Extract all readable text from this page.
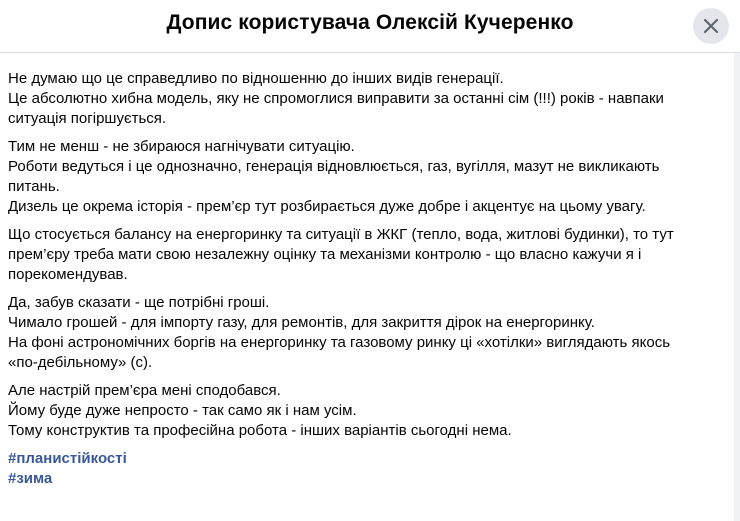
Допис користувача Олексій Кучеренко

Не думаю що це справедливо по відношенню до інших видів генерації.
Це абсолютно хибна модель, яку не спромоглися виправити за останні сім (!!!) років - навпаки
ситуація погіршується.

Тим не менш - не збираюся нагнічувати ситуацію.
Роботи ведуться і це однозначно, генерація відновлюється, газ, вугілля, мазут не викликають
питань.
Дизель це окрема історія - прем’єр тут розбирається дуже добре і акцентує на цьому увагу.

Що стосується балансу на енергоринку та ситуації в ЖКГ (тепло, вода, житлові будинки), то тут
прем’єру треба мати свою незалежну оцінку та механізми контролю - що власно кажучи я і
порекомендував.

Да, забув сказати - ще потрібні гроші.
Чимало грошей - для імпорту газу, для ремонтів, для закриття дірок на енергоринку.
На фоні астрономічних боргів на енергоринку та газовому ринку ці «хотілки» виглядають якось
«по-дебільному» (с).

Але настрій прем’єра мені сподобався.
Йому буде дуже непросто - так само як і нам усім.
Тому конструктив та професійна робота - інших варіантів сьогодні нема.

#планистійкості
#зима
